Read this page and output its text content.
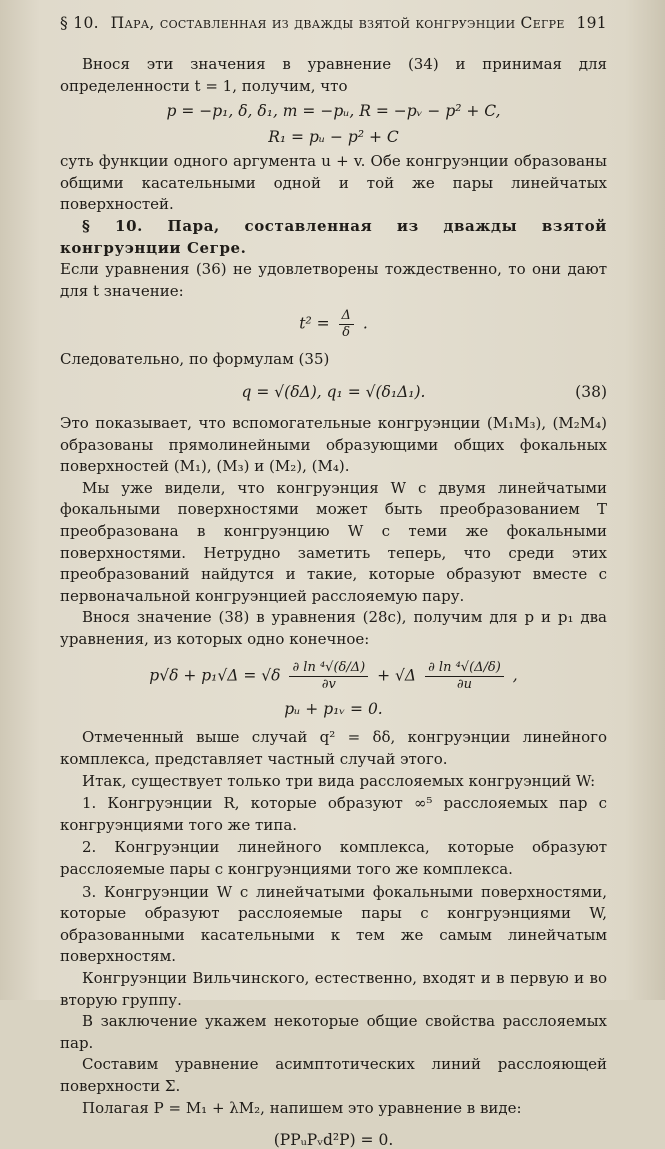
§ 10. Пара, составленная из дважды взятой конгруэнции Сегре 191

Внося эти значения в уравнение (34) и принимая для определенности t = 1, получим, что

p = −p₁, δ, δ₁, m = −pᵤ, R = −pᵥ − p² + C,
R₁ = pᵤ − p² + C

суть функции одного аргумента u + v. Обе конгруэнции образованы общими касательными одной и той же пары линейчатых поверхностей.

§ 10. Пара, составленная из дважды взятой конгруэнции Сегре.

Если уравнения (36) не удовлетворены тождественно, то они дают для t значение:

$t^2 = \frac{\Delta}{\delta}$ .

Следовательно, по формулам (35)

q = √(δΔ), q₁ = √(δ₁Δ₁).	(38)

Это показывает, что вспомогательные конгруэнции (M₁M₃), (M₂M₄) образованы прямолинейными образующими общих фокальных поверхностей (M₁), (M₃) и (M₂), (M₄).

Мы уже видели, что конгруэнция W с двумя линейчатыми фокальными поверхностями может быть преобразованием T преобразована в конгруэнцию W с теми же фокальными поверхностями. Нетрудно заметить теперь, что среди этих преобразований найдутся и такие, которые образуют вместе с первоначальной конгруэнцией расслояемую пару.

Внося значение (38) в уравнения (28c), получим для p и p₁ два уравнения, из которых одно конечное:

$p√\delta + p_1√\Delta = √\delta \frac{\text{∂ ln ⁴√(δ/Δ)}}{\partial v} + √\Delta \frac{\text{∂ ln ⁴√(Δ/δ)}}{\partial u}$ ,
pᵤ + p₁ᵥ = 0.

Отмеченный выше случай q² = δδ, конгруэнции линейного комплекса, представляет частный случай этого.

Итак, существует только три вида расслояемых конгруэнций W:

1. Конгруэнции R, которые образуют ∞⁵ расслояемых пар с конгруэнциями того же типа.

2. Конгруэнции линейного комплекса, которые образуют расслояемые пары с конгруэнциями того же комплекса.

3. Конгруэнции W с линейчатыми фокальными поверхностями, которые образуют расслояемые пары с конгруэнциями W, образованными касательными к тем же самым линейчатым поверхностям.

Конгруэнции Вильчинского, естественно, входят и в первую и во вторую группу.

В заключение укажем некоторые общие свойства расслояемых пар.

Составим уравнение асимптотических линий расслояющей поверхности Σ.

Полагая P = M₁ + λM₂, напишем это уравнение в виде:

(PPᵤPᵥd²P) = 0.
